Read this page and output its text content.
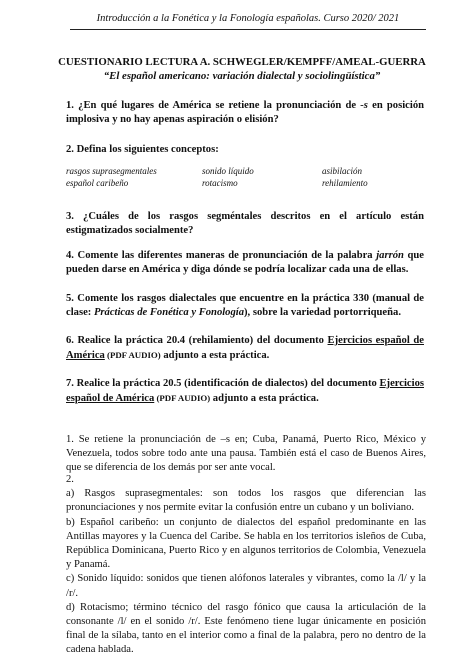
Introducción a la Fonética y la Fonología españolas. Curso 2020/ 2021
CUESTIONARIO LECTURA A. SCHWEGLER/KEMPFF/AMEAL-GUERRA
“El español americano: variación dialectal y sociolingüística”
1. ¿En qué lugares de América se retiene la pronunciación de -s en posición implosiva y no hay apenas aspiración o elisión?
2. Defina los siguientes conceptos:
rasgos suprasegmentales	sonido líquido	asibilación
español caribeño	rotacismo	rehilamiento
3. ¿Cuáles de los rasgos segméntales descritos en el artículo están estigmatizados socialmente?
4. Comente las diferentes maneras de pronunciación de la palabra jarrón que pueden darse en América y diga dónde se podría localizar cada una de ellas.
5. Comente los rasgos dialectales que encuentre en la práctica 330 (manual de clase: Prácticas de Fonética y Fonología), sobre la variedad portorriqueña.
6. Realice la práctica 20.4 (rehilamiento) del documento Ejercicios español de América (PDF AUDIO) adjunto a esta práctica.
7. Realice la práctica 20.5 (identificación de dialectos) del documento Ejercicios español de América (PDF AUDIO) adjunto a esta práctica.
1. Se retiene la pronunciación de –s en; Cuba, Panamá, Puerto Rico, México y Venezuela, todos sobre todo ante una pausa. También está el caso de Buenos Aires, que se diferencia de los demás por ser ante vocal.

2.

a) Rasgos suprasegmentales: son todos los rasgos que diferencian las pronunciaciones y nos permite evitar la confusión entre un cubano y un boliviano.

b) Español caribeño: un conjunto de dialectos del español predominante en las Antillas mayores y la Cuenca del Caribe. Se habla en los territorios isleños de Cuba, República Dominicana, Puerto Rico y en algunos territorios de Colombia, Venezuela y Panamá.

c) Sonido líquido: sonidos que tienen alófonos laterales y vibrantes, como la /l/ y la /r/.

d) Rotacismo; término técnico del rasgo fónico que causa la articulación de la consonante /l/ en el sonido /r/. Este fenómeno tiene lugar únicamente en posición final de la sílaba, tanto en el interior como a final de la palabra, pero no dentro de la cadena hablada.
